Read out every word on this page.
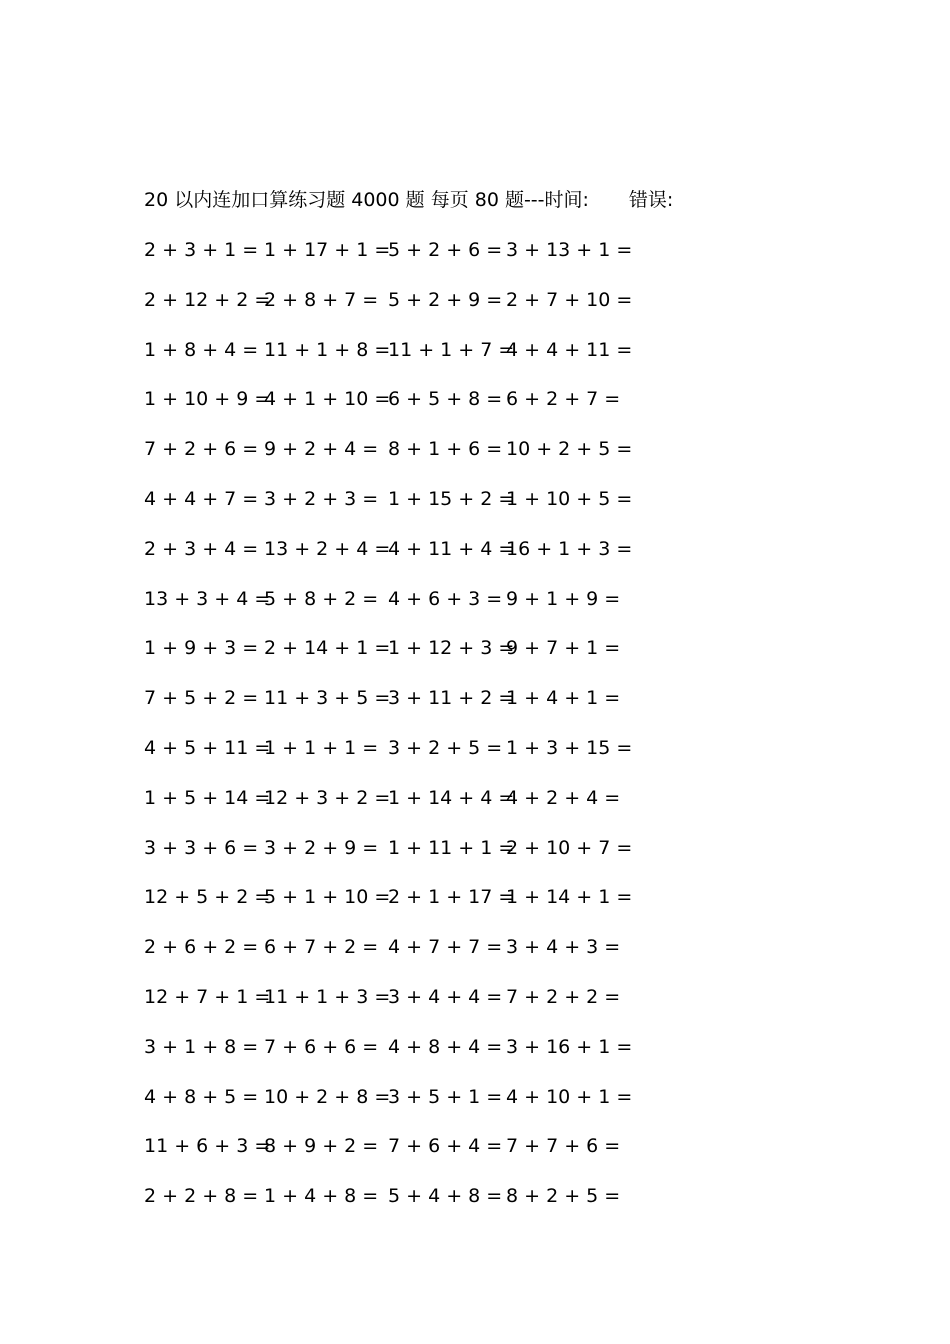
20 以内连加口算练习题 4000 题 每页 80 题---时间: 错误:
2 + 3 + 1 = 1 + 17 + 1 =
5 + 2 + 6 = 3 + 13 + 1 =
2 + 12 + 2 =
2 + 8 + 7 = 5 + 2 + 9 = 2 + 7 + 10 =
1 + 8 + 4 = 11 + 1 + 8 =
11 + 1 + 7 =
4 + 4 + 11 =
1 + 10 + 9 =
4 + 1 + 10 =
6 + 5 + 8 = 6 + 2 + 7 =
7 + 2 + 6 = 9 + 2 + 4 = 8 + 1 + 6 = 10 + 2 + 5 =
4 + 4 + 7 = 3 + 2 + 3 = 1 + 15 + 2 =
1 + 10 + 5 =
2 + 3 + 4 = 13 + 2 + 4 =
4 + 11 + 4 =
16 + 1 + 3 =
13 + 3 + 4 =
5 + 8 + 2 = 4 + 6 + 3 = 9 + 1 + 9 =
1 + 9 + 3 = 2 + 14 + 1 =
1 + 12 + 3 =
9 + 7 + 1 =
7 + 5 + 2 = 11 + 3 + 5 =
3 + 11 + 2 =
1 + 4 + 1 =
4 + 5 + 11 =
1 + 1 + 1 = 3 + 2 + 5 = 1 + 3 + 15 =
1 + 5 + 14 =
12 + 3 + 2 =
1 + 14 + 4 =
4 + 2 + 4 =
3 + 3 + 6 = 3 + 2 + 9 = 1 + 11 + 1 =
2 + 10 + 7 =
12 + 5 + 2 =
5 + 1 + 10 =
2 + 1 + 17 =
1 + 14 + 1 =
2 + 6 + 2 = 6 + 7 + 2 = 4 + 7 + 7 = 3 + 4 + 3 =
12 + 7 + 1 =
11 + 1 + 3 =
3 + 4 + 4 = 7 + 2 + 2 =
3 + 1 + 8 = 7 + 6 + 6 = 4 + 8 + 4 = 3 + 16 + 1 =
4 + 8 + 5 = 10 + 2 + 8 =
3 + 5 + 1 = 4 + 10 + 1 =
11 + 6 + 3 =
8 + 9 + 2 = 7 + 6 + 4 = 7 + 7 + 6 =
2 + 2 + 8 = 1 + 4 + 8 = 5 + 4 + 8 = 8 + 2 + 5 =
